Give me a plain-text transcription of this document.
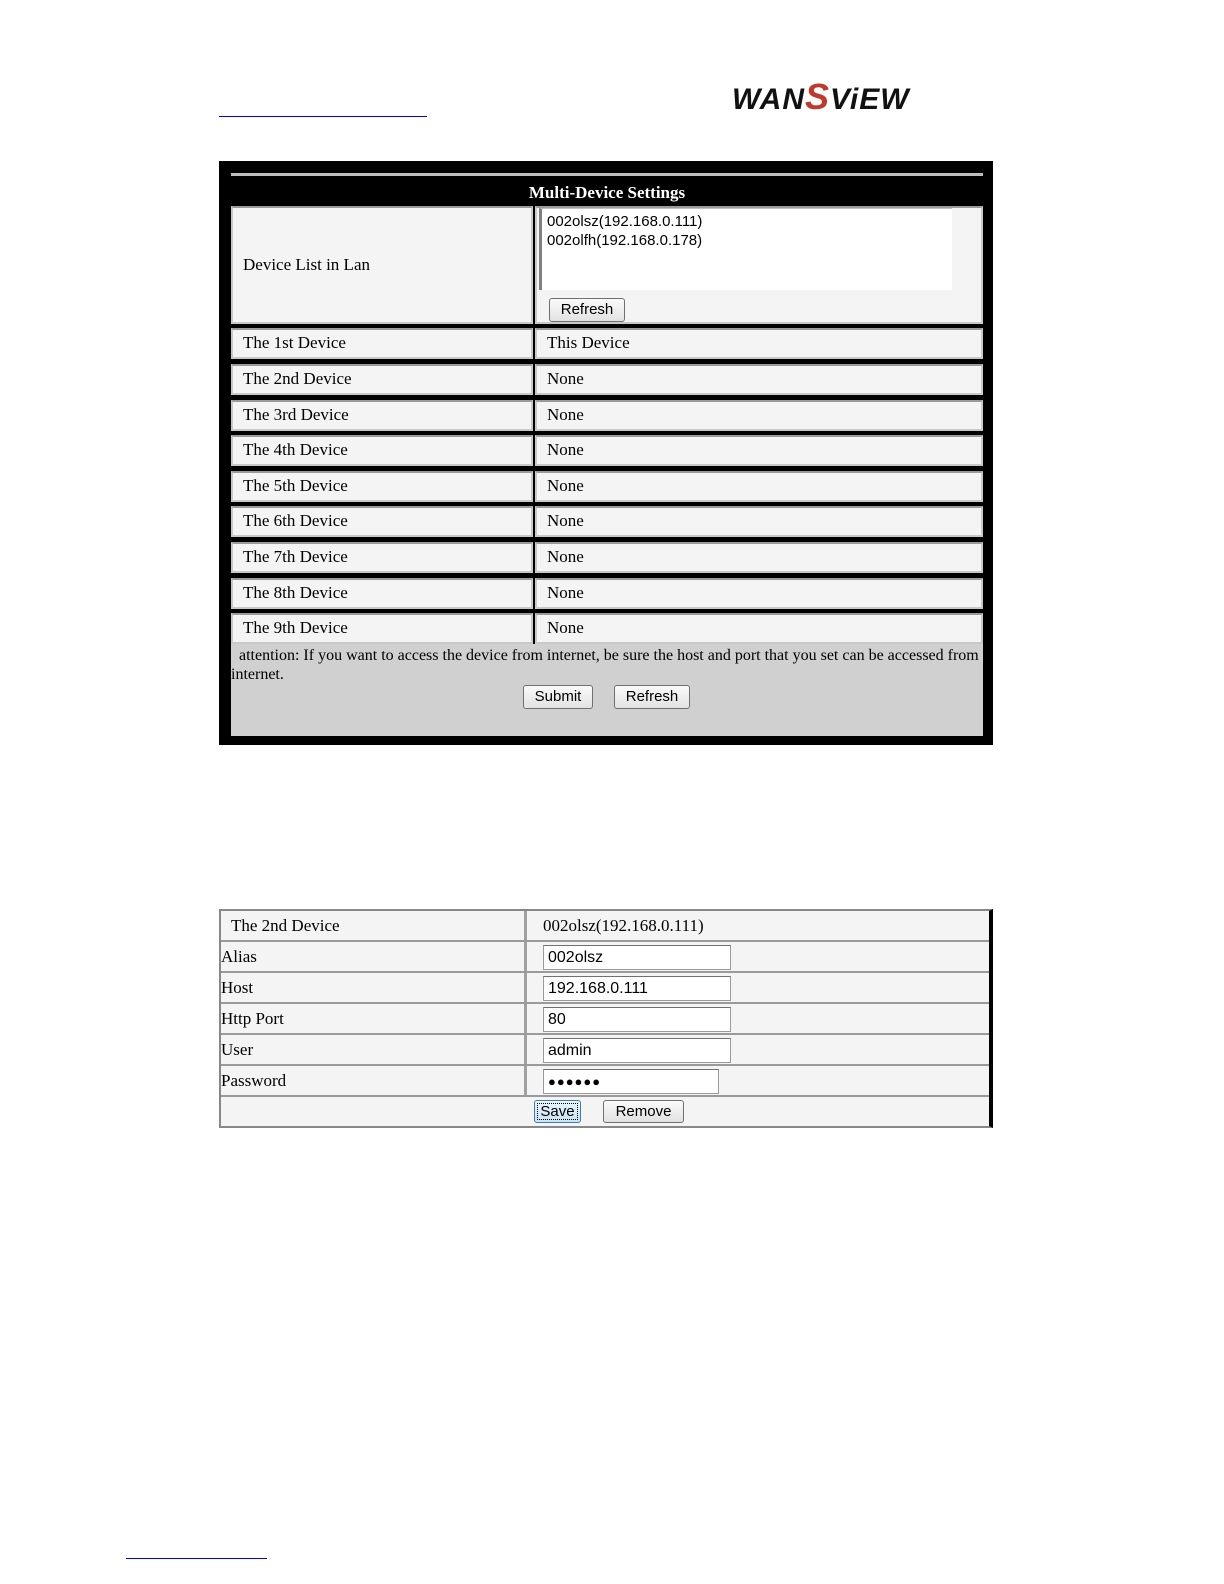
WANSViEW
Multi-Device Settings
Device List in Lan
002olsz(192.168.0.111)
002olfh(192.168.0.178)
Refresh
The 1st Device	This Device
The 2nd Device	None
The 3rd Device	None
The 4th Device	None
The 5th Device	None
The 6th Device	None
The 7th Device	None
The 8th Device	None
The 9th Device	None
attention: If you want to access the device from internet, be sure the host and port that you set can be accessed from internet.
Submit	Refresh
The 2nd Device	002olsz(192.168.0.111)
Alias	002olsz
Host	192.168.0.111
Http Port	80
User	admin
Password	●●●●●●
Save	Remove
